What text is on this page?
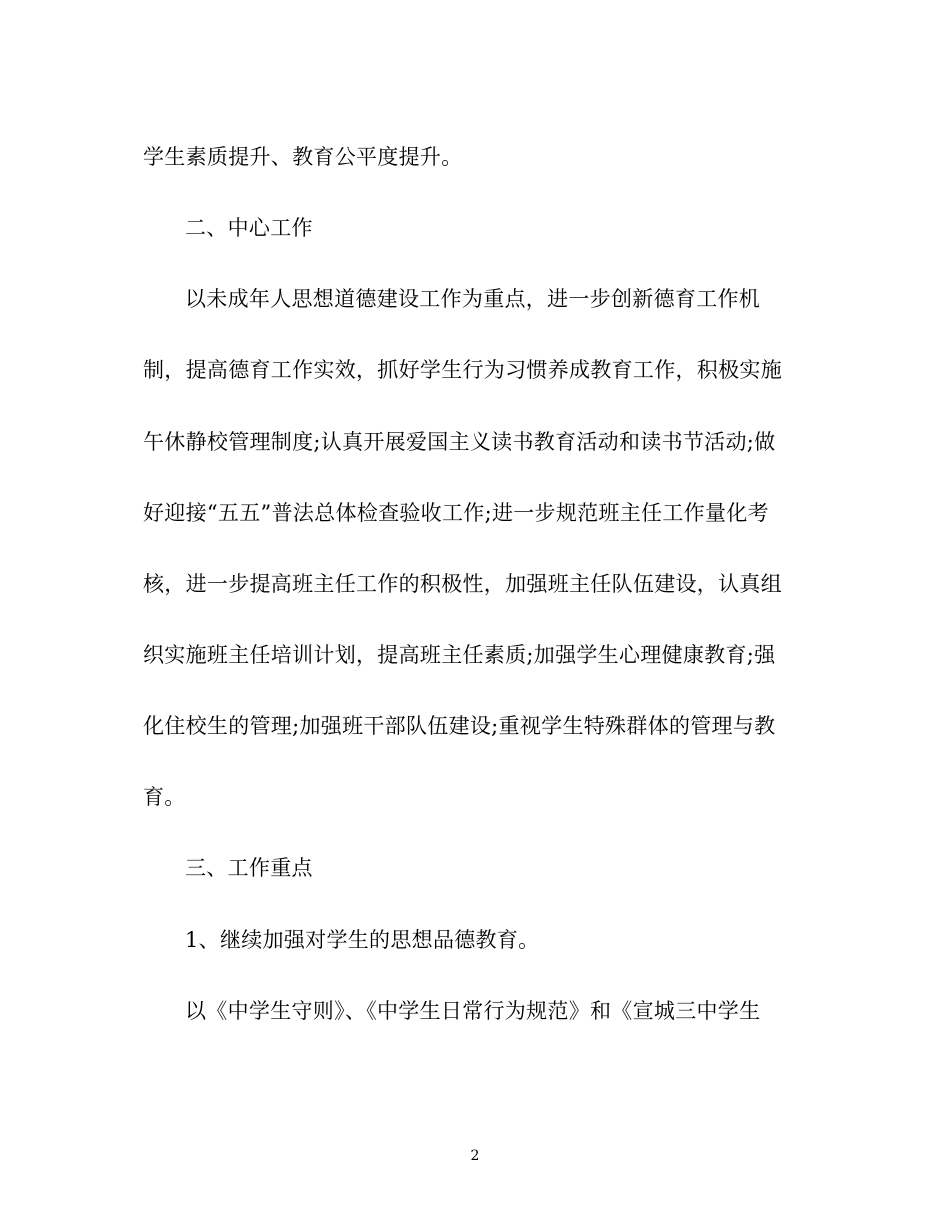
学生素质提升、教育公平度提升。
二、中心工作
以未成年人思想道德建设工作为重点，进一步创新德育工作机
制，提高德育工作实效，抓好学生行为习惯养成教育工作，积极实施
午休静校管理制度;认真开展爱国主义读书教育活动和读书节活动;做
好迎接“五五”普法总体检查验收工作;进一步规范班主任工作量化考
核，进一步提高班主任工作的积极性，加强班主任队伍建设，认真组
织实施班主任培训计划，提高班主任素质;加强学生心理健康教育;强
化住校生的管理;加强班干部队伍建设;重视学生特殊群体的管理与教
育。
三、工作重点
1、继续加强对学生的思想品德教育。
以《中学生守则》、《中学生日常行为规范》和《宣城三中学生
2
